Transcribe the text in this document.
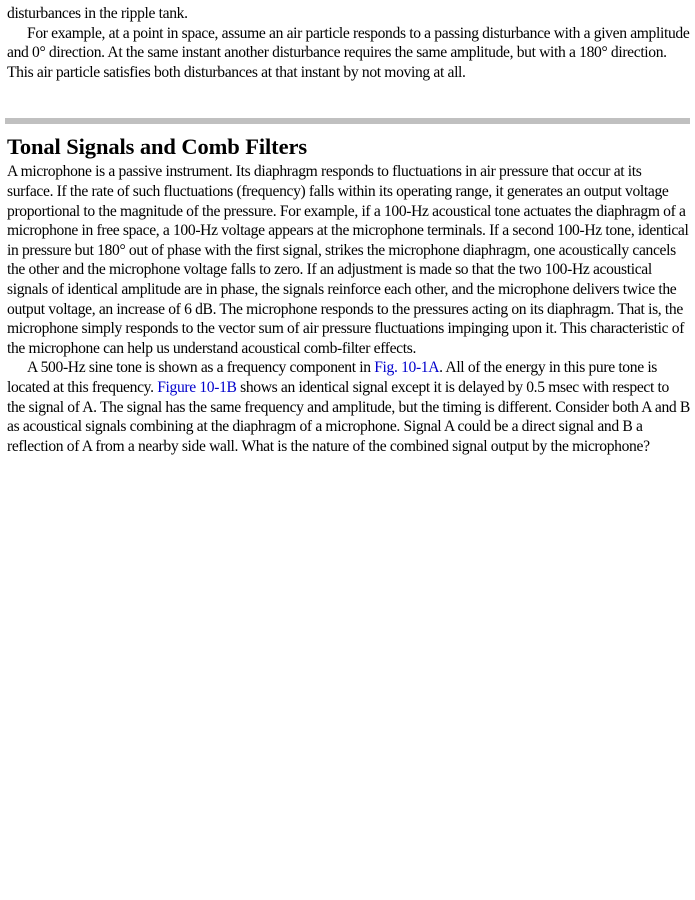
disturbances in the ripple tank.

For example, at a point in space, assume an air particle responds to a passing disturbance with a given amplitude and 0° direction. At the same instant another disturbance requires the same amplitude, but with a 180° direction. This air particle satisfies both disturbances at that instant by not moving at all.

Tonal Signals and Comb Filters

A microphone is a passive instrument. Its diaphragm responds to fluctuations in air pressure that occur at its surface. If the rate of such fluctuations (frequency) falls within its operating range, it generates an output voltage proportional to the magnitude of the pressure. For example, if a 100-Hz acoustical tone actuates the diaphragm of a microphone in free space, a 100-Hz voltage appears at the microphone terminals. If a second 100-Hz tone, identical in pressure but 180° out of phase with the first signal, strikes the microphone diaphragm, one acoustically cancels the other and the microphone voltage falls to zero. If an adjustment is made so that the two 100-Hz acoustical signals of identical amplitude are in phase, the signals reinforce each other, and the microphone delivers twice the output voltage, an increase of 6 dB. The microphone responds to the pressures acting on its diaphragm. That is, the microphone simply responds to the vector sum of air pressure fluctuations impinging upon it. This characteristic of the microphone can help us understand acoustical comb-filter effects.

A 500-Hz sine tone is shown as a frequency component in Fig. 10-1A. All of the energy in this pure tone is located at this frequency. Figure 10-1B shows an identical signal except it is delayed by 0.5 msec with respect to the signal of A. The signal has the same frequency and amplitude, but the timing is different. Consider both A and B as acoustical signals combining at the diaphragm of a microphone. Signal A could be a direct signal and B a reflection of A from a nearby side wall. What is the nature of the combined signal output by the microphone?
